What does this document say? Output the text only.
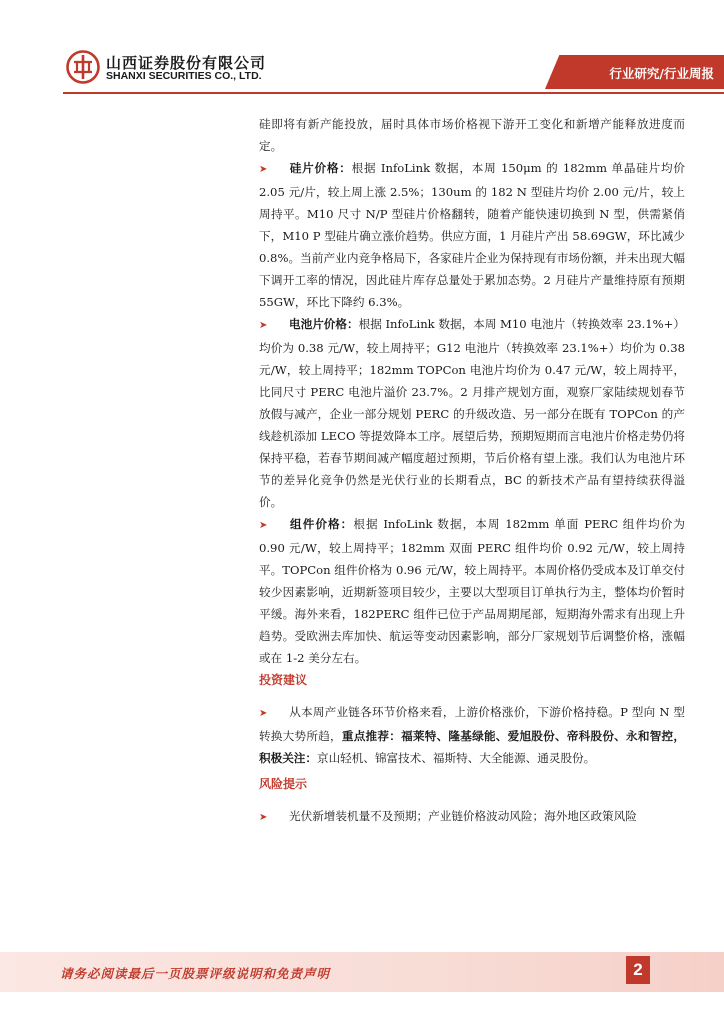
山西证券股份有限公司
SHANXI SECURITIES CO., LTD.	行业研究/行业周报

硅即将有新产能投放，届时具体市场价格视下游开工变化和新增产能释放进度而定。

➤ 硅片价格：根据 InfoLink 数据，本周 150μm 的 182mm 单晶硅片均价 2.05 元/片，较上周上涨 2.5%；130um 的 182 N 型硅片均价 2.00 元/片，较上周持平。M10 尺寸 N/P 型硅片价格翻转，随着产能快速切换到 N 型，供需紧俏下，M10 P 型硅片确立涨价趋势。供应方面，1 月硅片产出 58.69GW，环比减少 0.8%。当前产业内竞争格局下，各家硅片企业为保持现有市场份额，并未出现大幅下调开工率的情况，因此硅片库存总量处于累加态势。2 月硅片产量维持原有预期 55GW，环比下降约 6.3%。

➤ 电池片价格：根据 InfoLink 数据，本周 M10 电池片（转换效率 23.1%+）均价为 0.38 元/W，较上周持平；G12 电池片（转换效率 23.1%+）均价为 0.38 元/W，较上周持平；182mm TOPCon 电池片均价为 0.47 元/W，较上周持平，比同尺寸 PERC 电池片溢价 23.7%。2 月排产规划方面，观察厂家陆续规划春节放假与减产，企业一部分规划 PERC 的升级改造、另一部分在既有 TOPCon 的产线趁机添加 LECO 等提效降本工序。展望后势，预期短期而言电池片价格走势仍将保持平稳，若春节期间减产幅度超过预期，节后价格有望上涨。我们认为电池片环节的差异化竞争仍然是光伏行业的长期看点，BC 的新技术产品有望持续获得溢价。

➤ 组件价格：根据 InfoLink 数据，本周 182mm 单面 PERC 组件均价为 0.90 元/W，较上周持平；182mm 双面 PERC 组件均价 0.92 元/W，较上周持平。TOPCon 组件价格为 0.96 元/W，较上周持平。本周价格仍受成本及订单交付较少因素影响，近期新签项目较少，主要以大型项目订单执行为主，整体均价暂时平缓。海外来看，182PERC 组件已位于产品周期尾部，短期海外需求有出现上升趋势。受欧洲去库加快、航运等变动因素影响，部分厂家规划节后调整价格，涨幅或在 1-2 美分左右。

投资建议

➤ 从本周产业链各环节价格来看，上游价格涨价，下游价格持稳。P 型向 N 型转换大势所趋，重点推荐：福莱特、隆基绿能、爱旭股份、帝科股份、永和智控，积极关注：京山轻机、锦富技术、福斯特、大全能源、通灵股份。

风险提示

➤ 光伏新增装机量不及预期；产业链价格波动风险；海外地区政策风险

请务必阅读最后一页股票评级说明和免责声明	2
